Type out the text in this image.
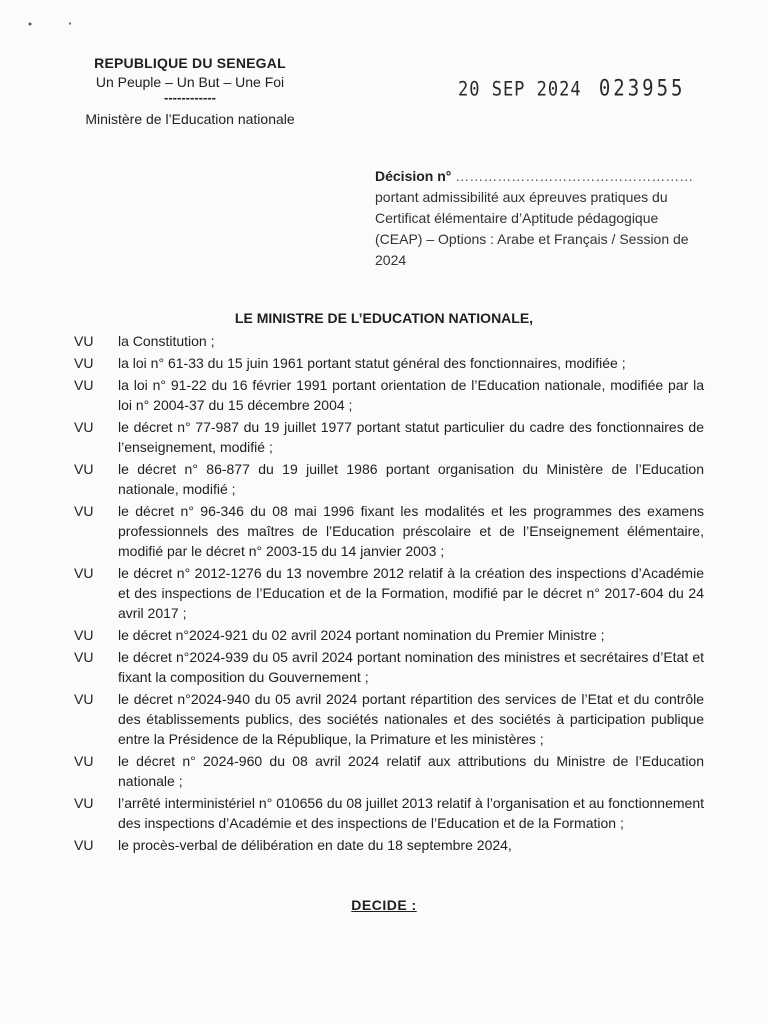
REPUBLIQUE DU SENEGAL
Un Peuple – Un But – Une Foi
------------
Ministère de l’Education nationale
20 SEP 2024 023955
Décision n° ……………………………………………
portant admissibilité aux épreuves pratiques du Certificat élémentaire d’Aptitude pédagogique (CEAP) – Options : Arabe et Français / Session de 2024
LE MINISTRE DE L’EDUCATION NATIONALE,
VU	la Constitution ;
VU	la loi n° 61-33 du 15 juin 1961 portant statut général des fonctionnaires, modifiée ;
VU	la loi n° 91-22 du 16 février 1991 portant orientation de l’Education nationale, modifiée par la loi n° 2004-37 du 15 décembre 2004 ;
VU	le décret n° 77-987 du 19 juillet 1977 portant statut particulier du cadre des fonctionnaires de l’enseignement, modifié ;
VU	le décret n° 86-877 du 19 juillet 1986 portant organisation du Ministère de l’Education nationale, modifié ;
VU	le décret n° 96-346 du 08 mai 1996 fixant les modalités et les programmes des examens professionnels des maîtres de l’Education préscolaire et de l’Enseignement élémentaire, modifié par le décret n° 2003-15 du 14 janvier 2003 ;
VU	le décret n° 2012-1276 du 13 novembre 2012 relatif à la création des inspections d’Académie et des inspections de l’Education et de la Formation, modifié par le décret n° 2017-604 du 24 avril 2017 ;
VU	le décret n°2024-921 du 02 avril 2024 portant nomination du Premier Ministre ;
VU	le décret n°2024-939 du 05 avril 2024 portant nomination des ministres et secrétaires d’Etat et fixant la composition du Gouvernement ;
VU	le décret n°2024-940 du 05 avril 2024 portant répartition des services de l’Etat et du contrôle des établissements publics, des sociétés nationales et des sociétés à participation publique entre la Présidence de la République, la Primature et les ministères ;
VU	le décret n° 2024-960 du 08 avril 2024 relatif aux attributions du Ministre de l’Education nationale ;
VU	l’arrêté interministériel n° 010656 du 08 juillet 2013 relatif à l’organisation et au fonctionnement des inspections d’Académie et des inspections de l’Education et de la Formation ;
VU	le procès-verbal de délibération en date du 18 septembre 2024,
DECIDE :
